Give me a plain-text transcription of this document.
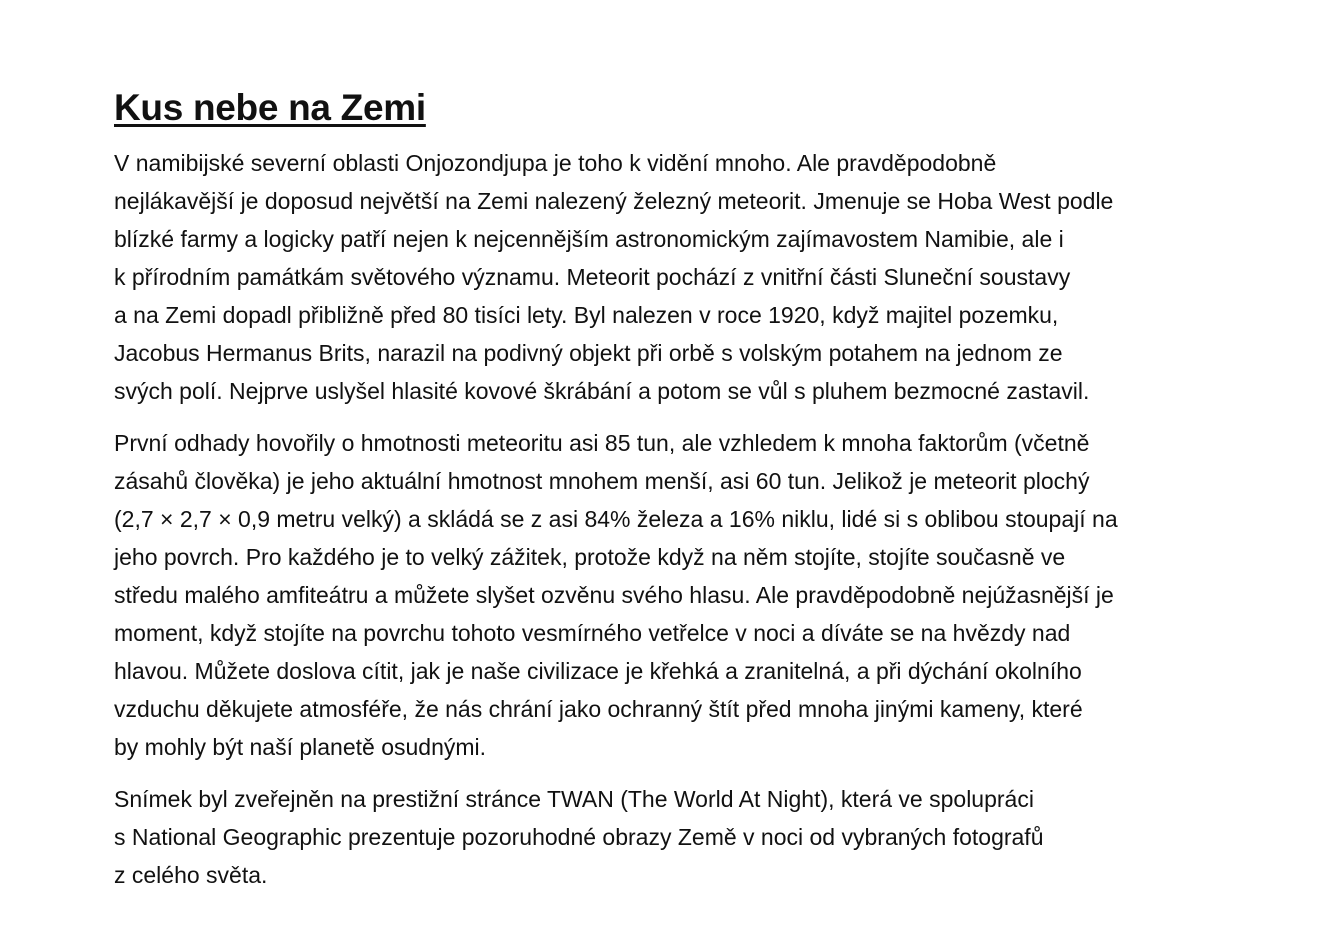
Kus nebe na Zemi

V namibijské severní oblasti Onjozondjupa je toho k vidění mnoho. Ale pravděpodobně
nejlákavější je doposud největší na Zemi nalezený železný meteorit. Jmenuje se Hoba West podle
blízké farmy a logicky patří nejen k nejcennějším astronomickým zajímavostem Namibie, ale i
k přírodním památkám světového významu. Meteorit pochází z vnitřní části Sluneční soustavy
a na Zemi dopadl přibližně před 80 tisíci lety. Byl nalezen v roce 1920, když majitel pozemku,
Jacobus Hermanus Brits, narazil na podivný objekt při orbě s volským potahem na jednom ze
svých polí. Nejprve uslyšel hlasité kovové škrábání a potom se vůl s pluhem bezmocné zastavil.

První odhady hovořily o hmotnosti meteoritu asi 85 tun, ale vzhledem k mnoha faktorům (včetně
zásahů člověka) je jeho aktuální hmotnost mnohem menší, asi 60 tun. Jelikož je meteorit plochý
(2,7 × 2,7 × 0,9 metru velký) a skládá se z asi 84% železa a 16% niklu, lidé si s oblibou stoupají na
jeho povrch. Pro každého je to velký zážitek, protože když na něm stojíte, stojíte současně ve
středu malého amfiteátru a můžete slyšet ozvěnu svého hlasu. Ale pravděpodobně nejúžasnější je
moment, když stojíte na povrchu tohoto vesmírného vetřelce v noci a díváte se na hvězdy nad
hlavou. Můžete doslova cítit, jak je naše civilizace je křehká a zranitelná, a při dýchání okolního
vzduchu děkujete atmosféře, že nás chrání jako ochranný štít před mnoha jinými kameny, které
by mohly být naší planetě osudnými.

Snímek byl zveřejněn na prestižní stránce TWAN (The World At Night), která ve spolupráci
s National Geographic prezentuje pozoruhodné obrazy Země v noci od vybraných fotografů
z celého světa.
